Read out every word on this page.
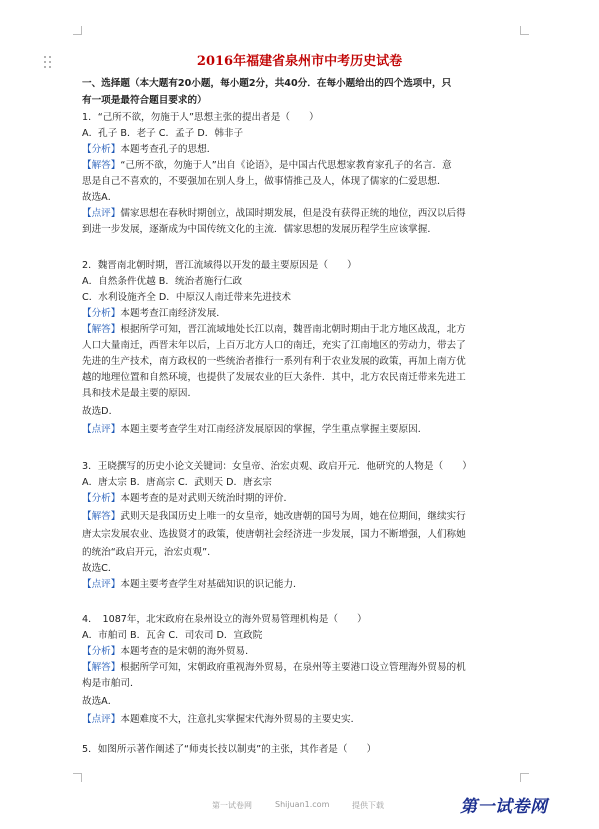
2016年福建省泉州市中考历史试卷
一、选择题（本大题有20小题，每小题2分，共40分．在每小题给出的四个选项中，只
有一项是最符合题目要求的）
1．“己所不欲，勿施于人”思想主张的提出者是（　　）
A．孔子 B．老子 C．孟子 D．韩非子
【分析】本题考查孔子的思想．
【解答】“己所不欲，勿施于人”出自《论语》，是中国古代思想家教育家孔子的名言．意
思是自己不喜欢的，不要强加在别人身上，做事情推己及人，体现了儒家的仁爱思想．
故选A．
【点评】儒家思想在春秋时期创立，战国时期发展，但是没有获得正统的地位，西汉以后得
到进一步发展，逐渐成为中国传统文化的主流．儒家思想的发展历程学生应该掌握．
2．魏晋南北朝时期，晋江流域得以开发的最主要原因是（　　）
A．自然条件优越 B．统治者施行仁政
C．水利设施齐全 D．中原汉人南迁带来先进技术
【分析】本题考查江南经济发展．
【解答】根据所学可知，晋江流域地处长江以南，魏晋南北朝时期由于北方地区战乱，北方
人口大量南迁，西晋末年以后，上百万北方人口的南迁，充实了江南地区的劳动力，带去了
先进的生产技术，南方政权的一些统治者推行一系列有利于农业发展的政策，再加上南方优
越的地理位置和自然环境，也提供了发展农业的巨大条件．其中，北方农民南迁带来先进工
具和技术是最主要的原因．
故选D．
【点评】本题主要考查学生对江南经济发展原因的掌握，学生重点掌握主要原因．
3．王晓撰写的历史小论文关键词：女皇帝、治宏贞观、政启开元．他研究的人物是（　　）
A．唐太宗 B．唐高宗 C．武则天 D．唐玄宗
【分析】本题考查的是对武则天统治时期的评价．
【解答】武则天是我国历史上唯一的女皇帝，她改唐朝的国号为周，她在位期间，继续实行
唐太宗发展农业、选拔贤才的政策，使唐朝社会经济进一步发展，国力不断增强，人们称她
的统治“政启开元，治宏贞观”．
故选C．
【点评】本题主要考查学生对基础知识的识记能力．
4．　1087年，北宋政府在泉州设立的海外贸易管理机构是（　　）
A．市舶司 B．瓦舍 C．司农司 D．宣政院
【分析】本题考查的是宋朝的海外贸易．
【解答】根据所学可知，宋朝政府重视海外贸易，在泉州等主要港口设立管理海外贸易的机
构是市舶司．
故选A．
【点评】本题难度不大，注意扎实掌握宋代海外贸易的主要史实．
5．如图所示著作阐述了“师夷长技以制夷”的主张，其作者是（　　）
第一试卷网	Shijuan1.com	提供下载	第一试卷网
